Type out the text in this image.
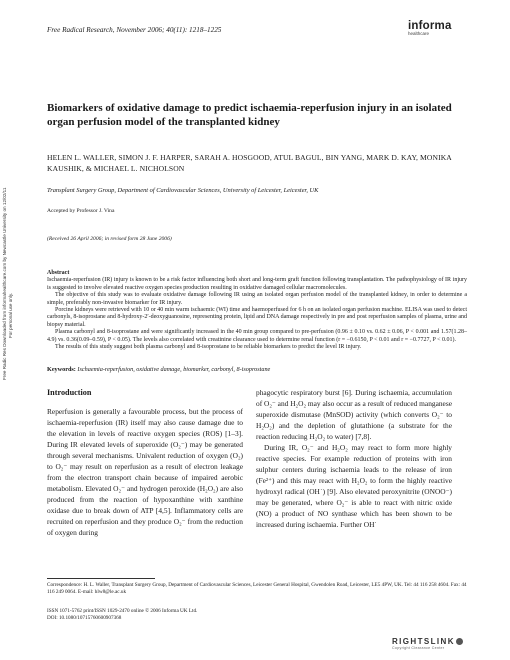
Free Radical Research, November 2006; 40(11): 1218–1225	informa
healthcare
Free Radic Res Downloaded from informahealthcare.com by Newcastle University on 12/02/11 For personal use only.
Biomarkers of oxidative damage to predict ischaemia-reperfusion injury in an isolated organ perfusion model of the transplanted kidney
HELEN L. WALLER, SIMON J. F. HARPER, SARAH A. HOSGOOD, ATUL BAGUL, BIN YANG, MARK D. KAY, MONIKA KAUSHIK, & MICHAEL L. NICHOLSON
Transplant Surgery Group, Department of Cardiovascular Sciences, University of Leicester, Leicester, UK
Accepted by Professor J. Vina
(Received 26 April 2006; in revised form 28 June 2006)
Abstract

Ischaemia-reperfusion (IR) injury is known to be a risk factor influencing both short and long-term graft function following transplantation. The pathophysiology of IR injury is suggested to involve elevated reactive oxygen species production resulting in oxidative damaged cellular macromolecules.

The objective of this study was to evaluate oxidative damage following IR using an isolated organ perfusion model of the transplanted kidney, in order to determine a simple, preferably non-invasive biomarker for IR injury.

Porcine kidneys were retrieved with 10 or 40 min warm ischaemic (WI) time and haemoperfused for 6 h on an isolated organ perfusion machine. ELISA was used to detect carbonyls, 8-isoprostane and 8-hydroxy-2′-deoxyguanosine, representing protein, lipid and DNA damage respectively in pre and post reperfusion samples of plasma, urine and biopsy material.

Plasma carbonyl and 8-isoprostane and were significantly increased in the 40 min group compared to pre-perfusion (0.96 ± 0.10 vs. 0.62 ± 0.06, P < 0.001 and 1.57(1.28–4.9) vs. 0.36(0.09–0.59), P < 0.05). The levels also correlated with creatinine clearance used to determine renal function (r = −0.6150, P < 0.01 and r = −0.7727, P < 0.01).

The results of this study suggest both plasma carbonyl and 8-isoprostane to be reliable biomarkers to predict the level IR injury.

Keywords: Ischaemia-reperfusion, oxidative damage, biomarker, carbonyl, 8-isoprostane
Introduction

Reperfusion is generally a favourable process, but the process of ischaemia-reperfusion (IR) itself may also cause damage due to the elevation in levels of reactive oxygen species (ROS) [1–3]. During IR elevated levels of superoxide (O₂⁻) may be generated through several mechanisms. Univalent reduction of oxygen (O₂) to O₂⁻ may result on reperfusion as a result of electron leakage from the electron transport chain because of impaired aerobic metabolism. Elevated O₂⁻ and hydrogen peroxide (H₂O₂) are also produced from the reaction of hypoxanthine with xanthine oxidase due to break down of ATP [4,5]. Inflammatory cells are recruited on reperfusion and they produce O₂⁻ from the reduction of oxygen during

phagocytic respiratory burst [6]. During ischaemia, accumulation of O₂⁻ and H₂O₂ may also occur as a result of reduced manganese superoxide dismutase (MnSOD) activity (which converts O₂⁻ to H₂O₂) and the depletion of glutathione (a substrate for the reaction reducing H₂O₂ to water) [7,8].

During IR, O₂⁻ and H₂O₂ may react to form more highly reactive species. For example reduction of proteins with iron sulphur centers during ischaemia leads to the release of iron (Fe²⁺) and this may react with H₂O₂ to form the highly reactive hydroxyl radical (OH˙) [9]. Also elevated peroxynitrite (ONOO⁻) may be generated, where O₂⁻ is able to react with nitric oxide (NO) a product of NO synthase which has been shown to be increased during ischaemia. Further OH˙

Correspondence: H. L. Waller, Transplant Surgery Group, Department of Cardiovascular Sciences, Leicester General Hospital, Gwendolen Road, Leicester, LE5 4PW, UK. Tel: 44 116 258 4604. Fax: 44 116 249 0064. E-mail: hlw8@le.ac.uk
ISSN 1071-5762 print/ISSN 1029-2470 online © 2006 Informa UK Ltd.
DOI: 10.1080/10715760600907368
RIGHTSLINK
Copyright Clearance Center
